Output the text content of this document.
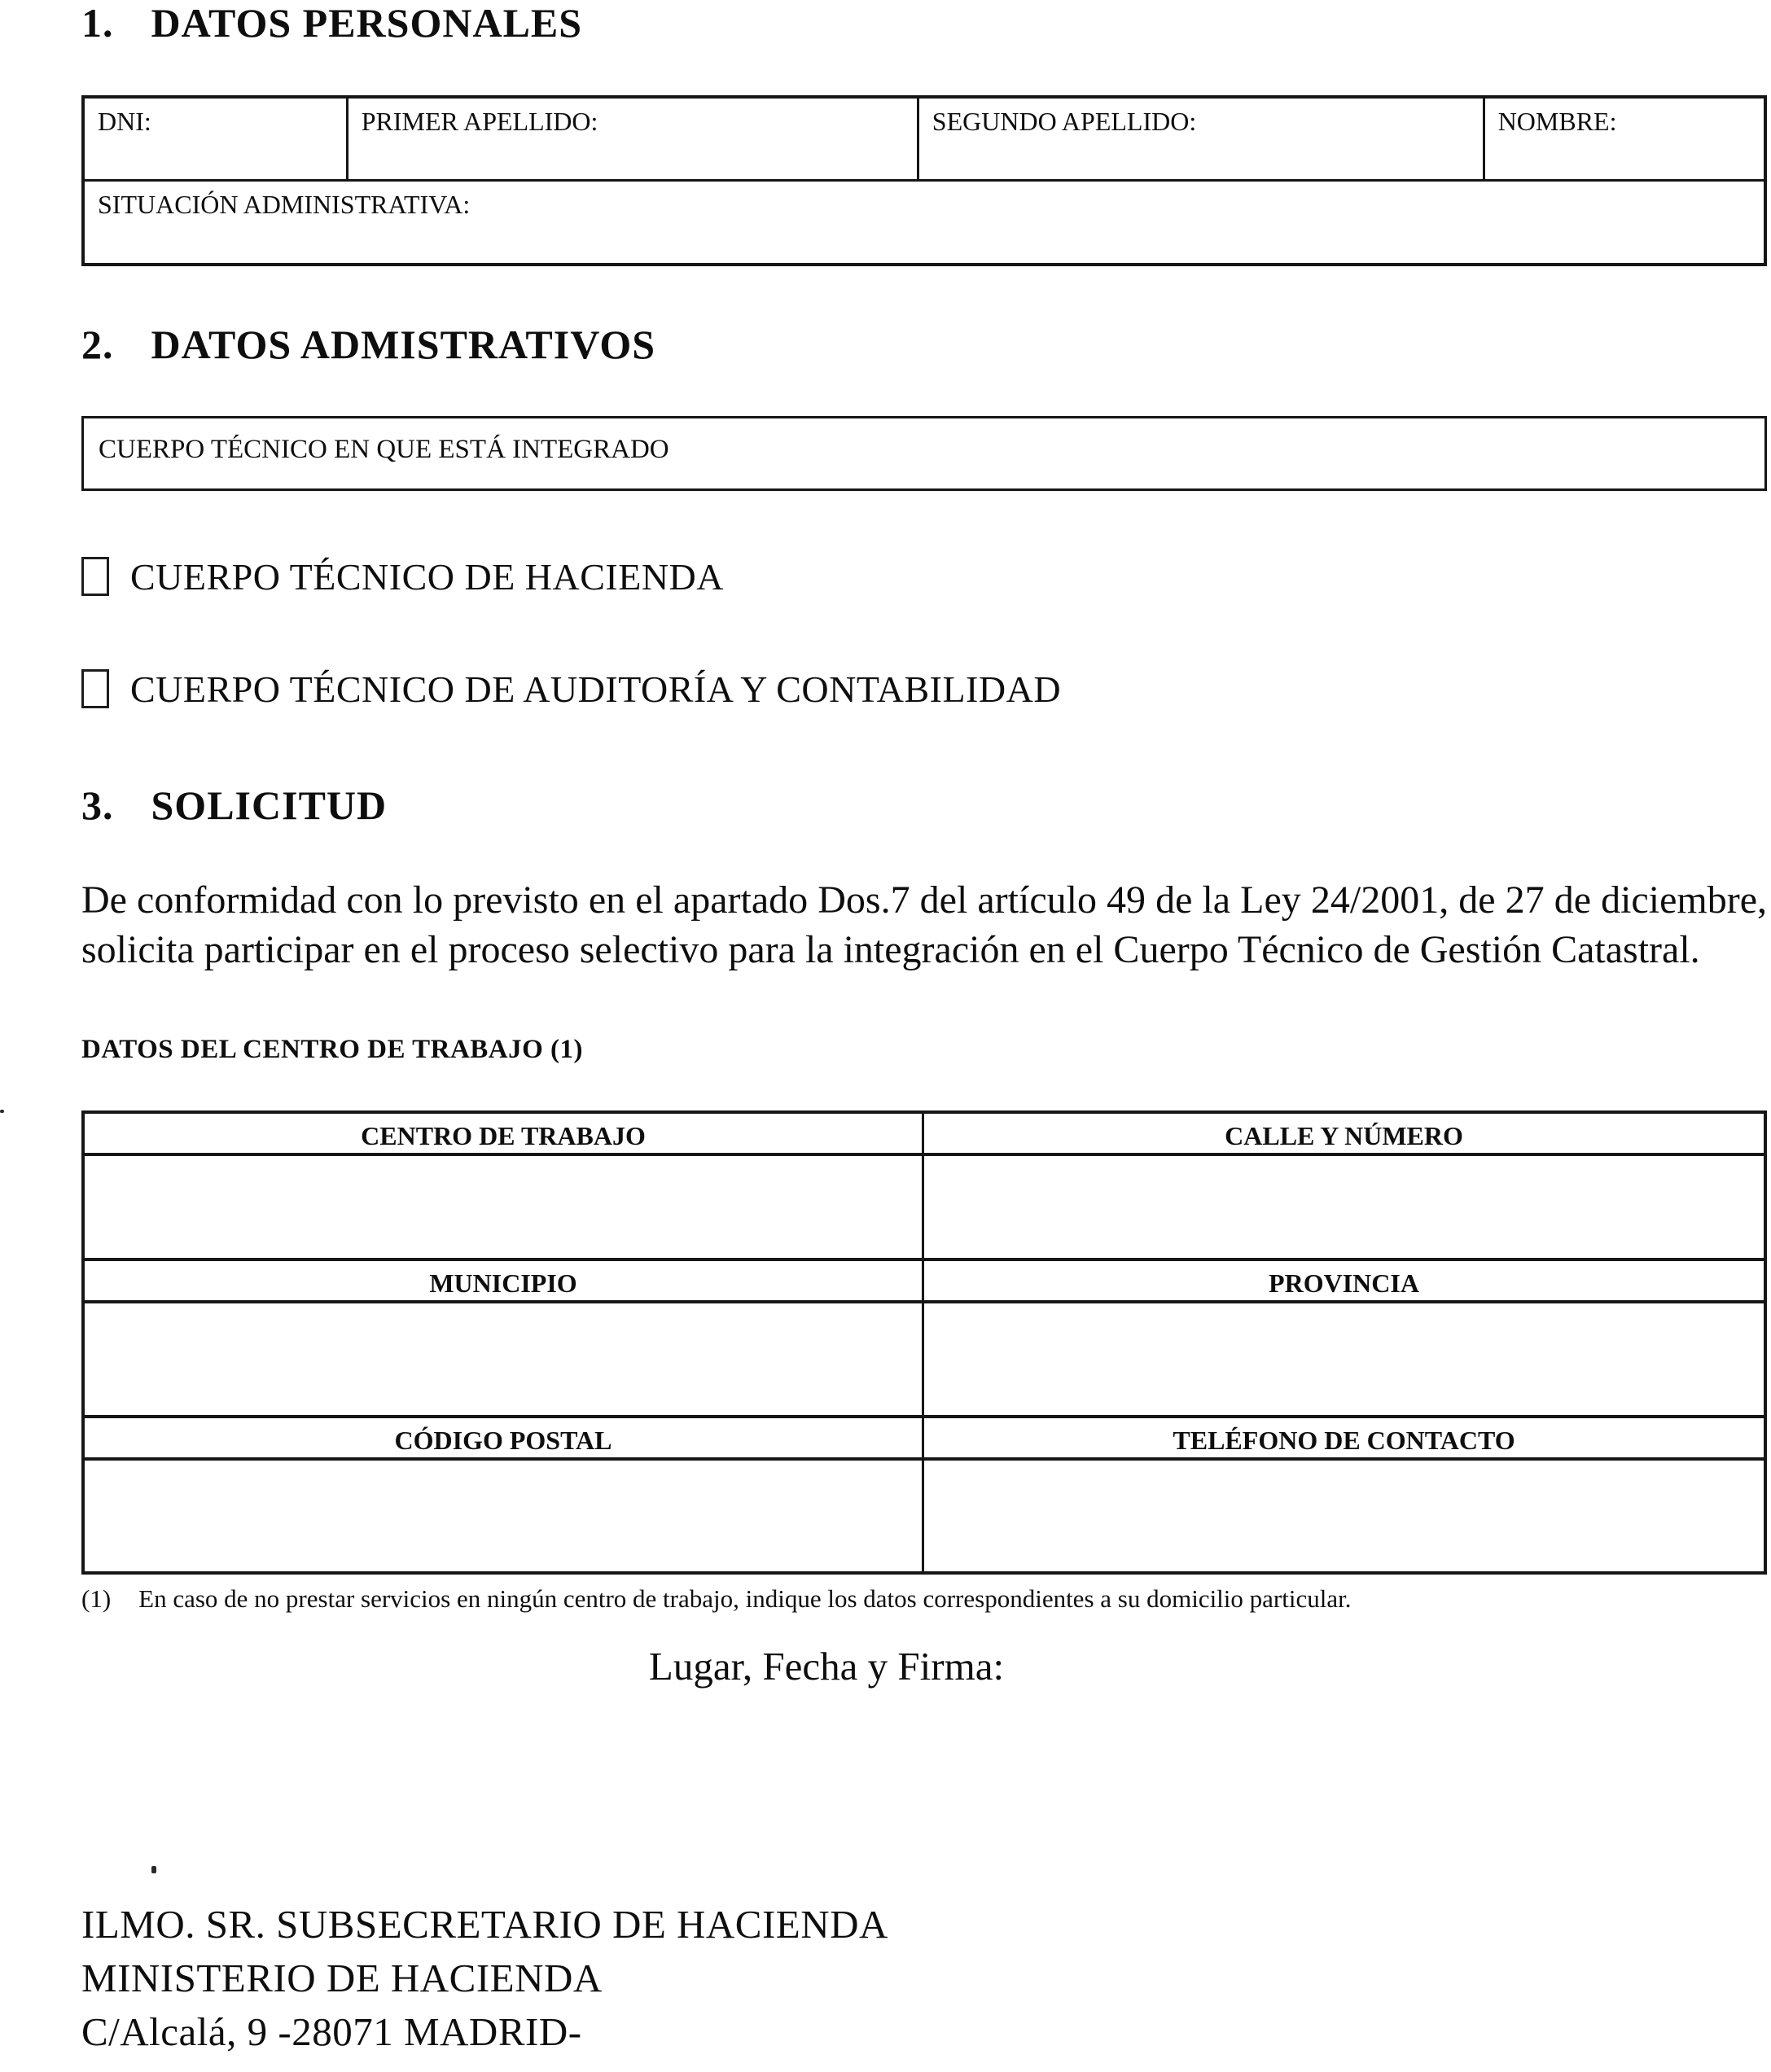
1. DATOS PERSONALES
DNI:	PRIMER APELLIDO:	SEGUNDO APELLIDO:	NOMBRE:
SITUACIÓN ADMINISTRATIVA:
2. DATOS ADMISTRATIVOS
CUERPO TÉCNICO EN QUE ESTÁ INTEGRADO
CUERPO TÉCNICO DE HACIENDA
CUERPO TÉCNICO DE AUDITORÍA Y CONTABILIDAD
3. SOLICITUD

De conformidad con lo previsto en el apartado Dos.7 del artículo 49 de la Ley 24/2001, de 27 de diciembre, solicita participar en el proceso selectivo para la integración en el Cuerpo Técnico de Gestión Catastral.

DATOS DEL CENTRO DE TRABAJO (1)
CENTRO DE TRABAJO	CALLE Y NÚMERO
MUNICIPIO	PROVINCIA
CÓDIGO POSTAL	TELÉFONO DE CONTACTO
(1) En caso de no prestar servicios en ningún centro de trabajo, indique los datos correspondientes a su domicilio particular.
Lugar, Fecha y Firma:
ILMO. SR. SUBSECRETARIO DE HACIENDA
MINISTERIO DE HACIENDA
C/Alcalá, 9 -28071 MADRID-
